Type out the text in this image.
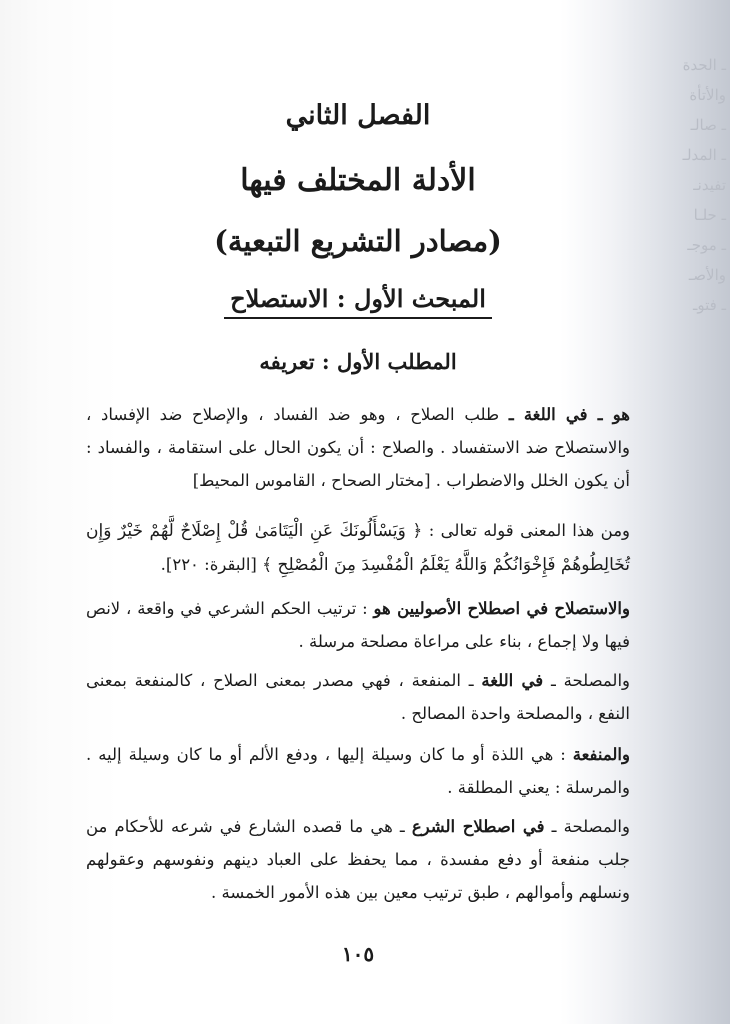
ـ الحدة
والأتأة
ـ صالـ
ـ المدلـ
تفيدنـ
ـ حلـا
ـ موجـ
والأصـ
ـ فتوـ
الفصل الثاني
الأدلة المختلف فيها
(مصادر التشريع التبعية)
المبحث الأول : الاستصلاح
المطلب الأول : تعريفه

هو ـ في اللغة ـ طلب الصلاح ، وهو ضد الفساد ، والإصلاح ضد الإفساد ، والاستصلاح ضد الاستفساد . والصلاح : أن يكون الحال على استقامة ، والفساد : أن يكون الخلل والاضطراب . [مختار الصحاح ، القاموس المحيط]

ومن هذا المعنى قوله تعالى : ﴿ وَيَسْأَلُونَكَ عَنِ الْيَتَامَىٰ قُلْ إِصْلَاحٌ لَّهُمْ خَيْرٌ وَإِن تُخَالِطُوهُمْ فَإِخْوَانُكُمْ وَاللَّهُ يَعْلَمُ الْمُفْسِدَ مِنَ الْمُصْلِحِ ﴾ [البقرة: ٢٢٠].

والاستصلاح في اصطلاح الأصوليين هو : ترتيب الحكم الشرعي في واقعة ، لانص فيها ولا إجماع ، بناء على مراعاة مصلحة مرسلة .

والمصلحة ـ في اللغة ـ المنفعة ، فهي مصدر بمعنى الصلاح ، كالمنفعة بمعنى النفع ، والمصلحة واحدة المصالح .

والمنفعة : هي اللذة أو ما كان وسيلة إليها ، ودفع الألم أو ما كان وسيلة إليه . والمرسلة : يعني المطلقة .

والمصلحة ـ في اصطلاح الشرع ـ هي ما قصده الشارع في شرعه للأحكام من جلب منفعة أو دفع مفسدة ، مما يحفظ على العباد دينهم ونفوسهم وعقولهم ونسلهم وأموالهم ، طبق ترتيب معين بين هذه الأمور الخمسة .

١٠٥
